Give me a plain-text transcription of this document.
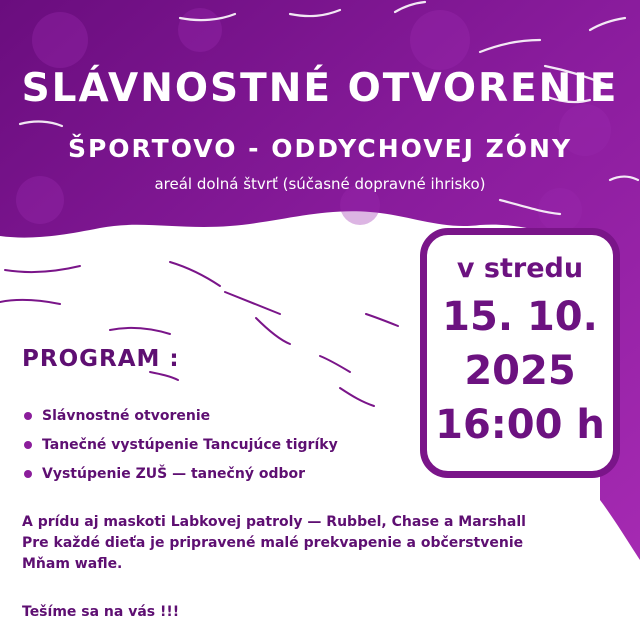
SLÁVNOSTNÉ OTVORENIE
ŠPORTOVO - ODDYCHOVEJ ZÓNY
areál dolná štvrť (súčasné dopravné ihrisko)
v stredu
15. 10.
2025
16:00 h
PROGRAM :
Slávnostné otvorenie
Tanečné vystúpenie Tancujúce tigríky
Vystúpenie ZUŠ — tanečný odbor
A prídu aj maskoti Labkovej patroly — Rubbel, Chase a Marshall
Pre každé dieťa je pripravené malé prekvapenie a občerstvenie
Mňam wafle.
Tešíme sa na vás !!!
